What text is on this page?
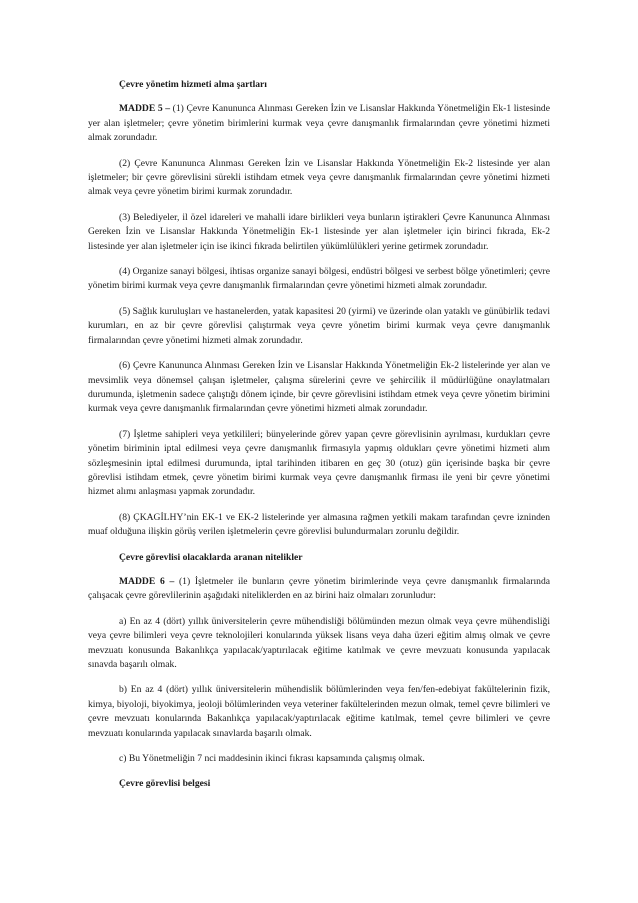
Çevre yönetim hizmeti alma şartları

MADDE 5 – (1) Çevre Kanununca Alınması Gereken İzin ve Lisanslar Hakkında Yönetmeliğin Ek-1 listesinde yer alan işletmeler; çevre yönetim birimlerini kurmak veya çevre danışmanlık firmalarından çevre yönetimi hizmeti almak zorundadır.

(2) Çevre Kanununca Alınması Gereken İzin ve Lisanslar Hakkında Yönetmeliğin Ek-2 listesinde yer alan işletmeler; bir çevre görevlisini sürekli istihdam etmek veya çevre danışmanlık firmalarından çevre yönetimi hizmeti almak veya çevre yönetim birimi kurmak zorundadır.

(3) Belediyeler, il özel idareleri ve mahalli idare birlikleri veya bunların iştirakleri Çevre Kanununca Alınması Gereken İzin ve Lisanslar Hakkında Yönetmeliğin Ek-1 listesinde yer alan işletmeler için birinci fıkrada, Ek-2 listesinde yer alan işletmeler için ise ikinci fıkrada belirtilen yükümlülükleri yerine getirmek zorundadır.

(4) Organize sanayi bölgesi, ihtisas organize sanayi bölgesi, endüstri bölgesi ve serbest bölge yönetimleri; çevre yönetim birimi kurmak veya çevre danışmanlık firmalarından çevre yönetimi hizmeti almak zorundadır.

(5) Sağlık kuruluşları ve hastanelerden, yatak kapasitesi 20 (yirmi) ve üzerinde olan yataklı ve günübirlik tedavi kurumları, en az bir çevre görevlisi çalıştırmak veya çevre yönetim birimi kurmak veya çevre danışmanlık firmalarından çevre yönetimi hizmeti almak zorundadır.

(6) Çevre Kanununca Alınması Gereken İzin ve Lisanslar Hakkında Yönetmeliğin Ek-2 listelerinde yer alan ve mevsimlik veya dönemsel çalışan işletmeler, çalışma sürelerini çevre ve şehircilik il müdürlüğüne onaylatmaları durumunda, işletmenin sadece çalıştığı dönem içinde, bir çevre görevlisini istihdam etmek veya çevre yönetim birimini kurmak veya çevre danışmanlık firmalarından çevre yönetimi hizmeti almak zorundadır.

(7) İşletme sahipleri veya yetkilileri; bünyelerinde görev yapan çevre görevlisinin ayrılması, kurdukları çevre yönetim biriminin iptal edilmesi veya çevre danışmanlık firmasıyla yapmış oldukları çevre yönetimi hizmeti alım sözleşmesinin iptal edilmesi durumunda, iptal tarihinden itibaren en geç 30 (otuz) gün içerisinde başka bir çevre görevlisi istihdam etmek, çevre yönetim birimi kurmak veya çevre danışmanlık firması ile yeni bir çevre yönetimi hizmet alımı anlaşması yapmak zorundadır.

(8) ÇKAGİLHY’nin EK-1 ve EK-2 listelerinde yer almasına rağmen yetkili makam tarafından çevre izninden muaf olduğuna ilişkin görüş verilen işletmelerin çevre görevlisi bulundurmaları zorunlu değildir.

Çevre görevlisi olacaklarda aranan nitelikler

MADDE 6 – (1) İşletmeler ile bunların çevre yönetim birimlerinde veya çevre danışmanlık firmalarında çalışacak çevre görevlilerinin aşağıdaki niteliklerden en az birini haiz olmaları zorunludur:

a) En az 4 (dört) yıllık üniversitelerin çevre mühendisliği bölümünden mezun olmak veya çevre mühendisliği veya çevre bilimleri veya çevre teknolojileri konularında yüksek lisans veya daha üzeri eğitim almış olmak ve çevre mevzuatı konusunda Bakanlıkça yapılacak/yaptırılacak eğitime katılmak ve çevre mevzuatı konusunda yapılacak sınavda başarılı olmak.

b) En az 4 (dört) yıllık üniversitelerin mühendislik bölümlerinden veya fen/fen-edebiyat fakültelerinin fizik, kimya, biyoloji, biyokimya, jeoloji bölümlerinden veya veteriner fakültelerinden mezun olmak, temel çevre bilimleri ve çevre mevzuatı konularında Bakanlıkça yapılacak/yaptırılacak eğitime katılmak, temel çevre bilimleri ve çevre mevzuatı konularında yapılacak sınavlarda başarılı olmak.

c) Bu Yönetmeliğin 7 nci maddesinin ikinci fıkrası kapsamında çalışmış olmak.

Çevre görevlisi belgesi
